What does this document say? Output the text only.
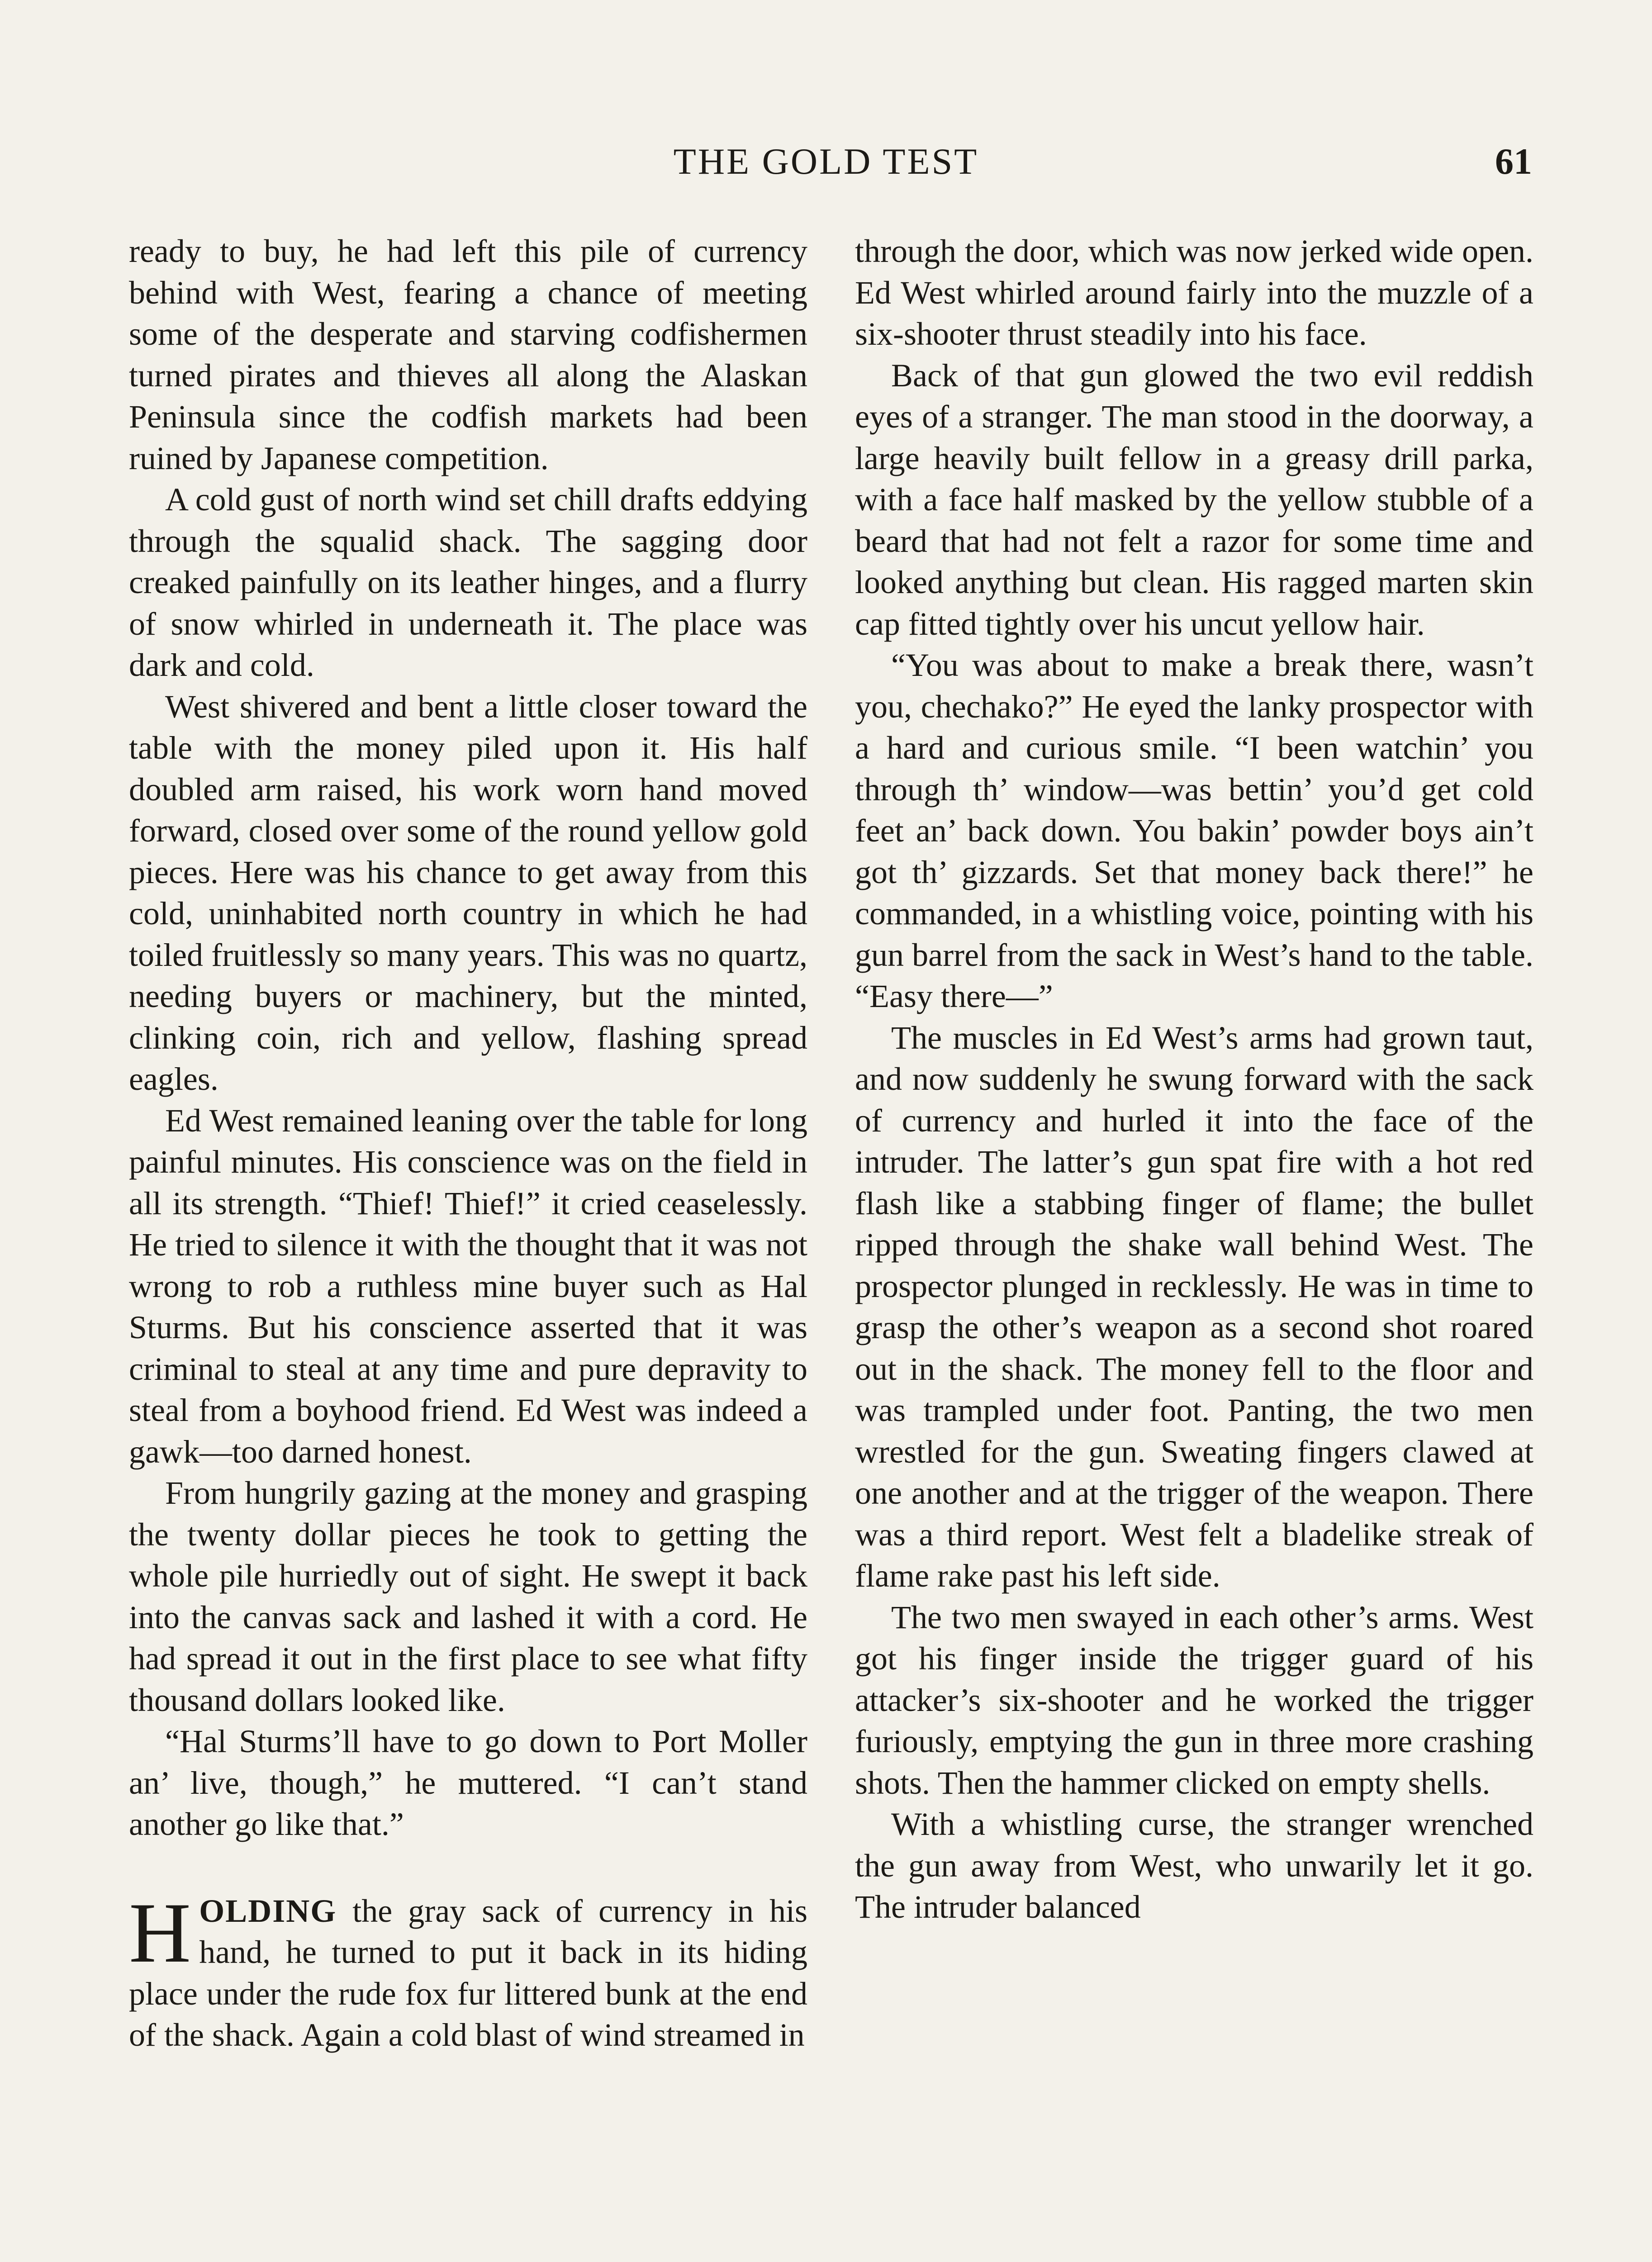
THE GOLD TEST	61

ready to buy, he had left this pile of currency behind with West, fearing a chance of meeting some of the desperate and starving codfishermen turned pirates and thieves all along the Alaskan Peninsula since the codfish markets had been ruined by Japanese competition.

A cold gust of north wind set chill drafts eddying through the squalid shack. The sagging door creaked painfully on its leather hinges, and a flurry of snow whirled in underneath it. The place was dark and cold.

West shivered and bent a little closer toward the table with the money piled upon it. His half doubled arm raised, his work worn hand moved forward, closed over some of the round yellow gold pieces. Here was his chance to get away from this cold, uninhabited north country in which he had toiled fruitlessly so many years. This was no quartz, needing buyers or machinery, but the minted, clinking coin, rich and yellow, flashing spread eagles.

Ed West remained leaning over the table for long painful minutes. His conscience was on the field in all its strength. “Thief! Thief!” it cried ceaselessly. He tried to silence it with the thought that it was not wrong to rob a ruthless mine buyer such as Hal Sturms. But his conscience asserted that it was criminal to steal at any time and pure depravity to steal from a boyhood friend. Ed West was indeed a gawk—too darned honest.

From hungrily gazing at the money and grasping the twenty dollar pieces he took to getting the whole pile hurriedly out of sight. He swept it back into the canvas sack and lashed it with a cord. He had spread it out in the first place to see what fifty thousand dollars looked like.

“Hal Sturms’ll have to go down to Port Moller an’ live, though,” he muttered. “I can’t stand another go like that.”

HOLDING the gray sack of currency in his hand, he turned to put it back in its hiding place under the rude fox fur littered bunk at the end of the shack. Again a cold blast of wind streamed in

through the door, which was now jerked wide open. Ed West whirled around fairly into the muzzle of a six-shooter thrust steadily into his face.

Back of that gun glowed the two evil reddish eyes of a stranger. The man stood in the doorway, a large heavily built fellow in a greasy drill parka, with a face half masked by the yellow stubble of a beard that had not felt a razor for some time and looked anything but clean. His ragged marten skin cap fitted tightly over his uncut yellow hair.

“You was about to make a break there, wasn’t you, chechako?” He eyed the lanky prospector with a hard and curious smile. “I been watchin’ you through th’ window—was bettin’ you’d get cold feet an’ back down. You bakin’ powder boys ain’t got th’ gizzards. Set that money back there!” he commanded, in a whistling voice, pointing with his gun barrel from the sack in West’s hand to the table. “Easy there—”

The muscles in Ed West’s arms had grown taut, and now suddenly he swung forward with the sack of currency and hurled it into the face of the intruder. The latter’s gun spat fire with a hot red flash like a stabbing finger of flame; the bullet ripped through the shake wall behind West. The prospector plunged in recklessly. He was in time to grasp the other’s weapon as a second shot roared out in the shack. The money fell to the floor and was trampled under foot. Panting, the two men wrestled for the gun. Sweating fingers clawed at one another and at the trigger of the weapon. There was a third report. West felt a bladelike streak of flame rake past his left side.

The two men swayed in each other’s arms. West got his finger inside the trigger guard of his attacker’s six-shooter and he worked the trigger furiously, emptying the gun in three more crashing shots. Then the hammer clicked on empty shells.

With a whistling curse, the stranger wrenched the gun away from West, who unwarily let it go. The intruder balanced
